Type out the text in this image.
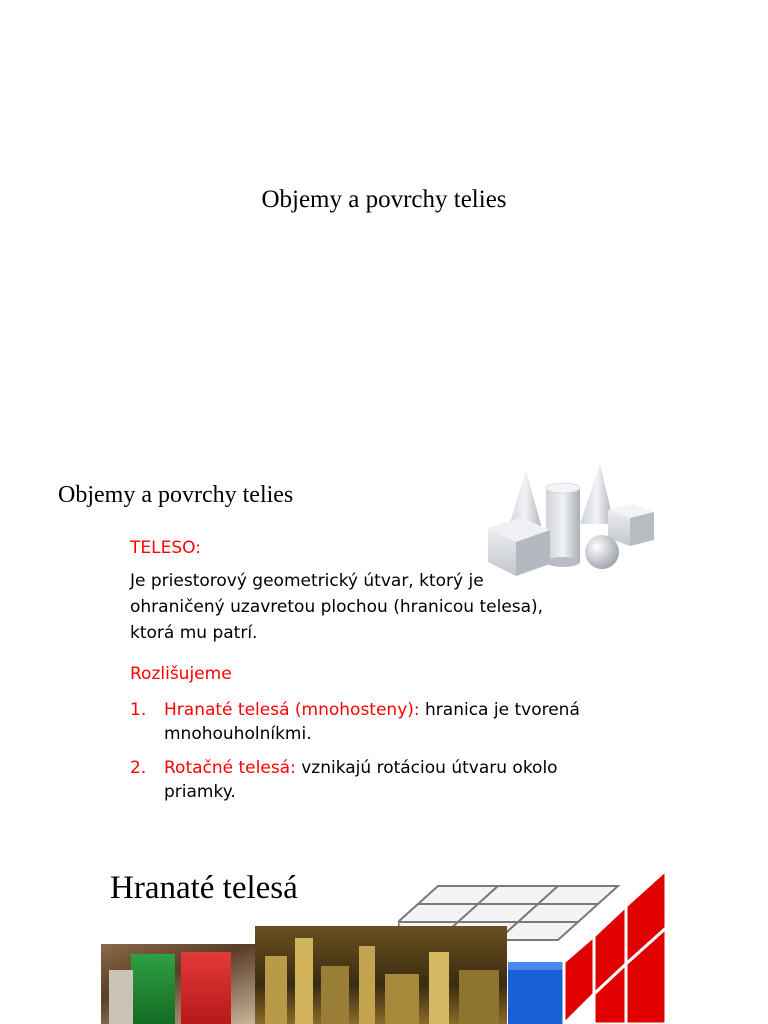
Objemy a povrchy telies
Objemy a povrchy telies
TELESO:
Je priestorový geometrický útvar, ktorý je ohraničený uzavretou plochou (hranicou telesa), ktorá mu patrí.
Rozlišujeme
1. Hranaté telesá (mnohosteny): hranica je tvorená mnohouholníkmi.
2. Rotačné telesá: vznikajú rotáciou útvaru okolo priamky.
Hranaté telesá
